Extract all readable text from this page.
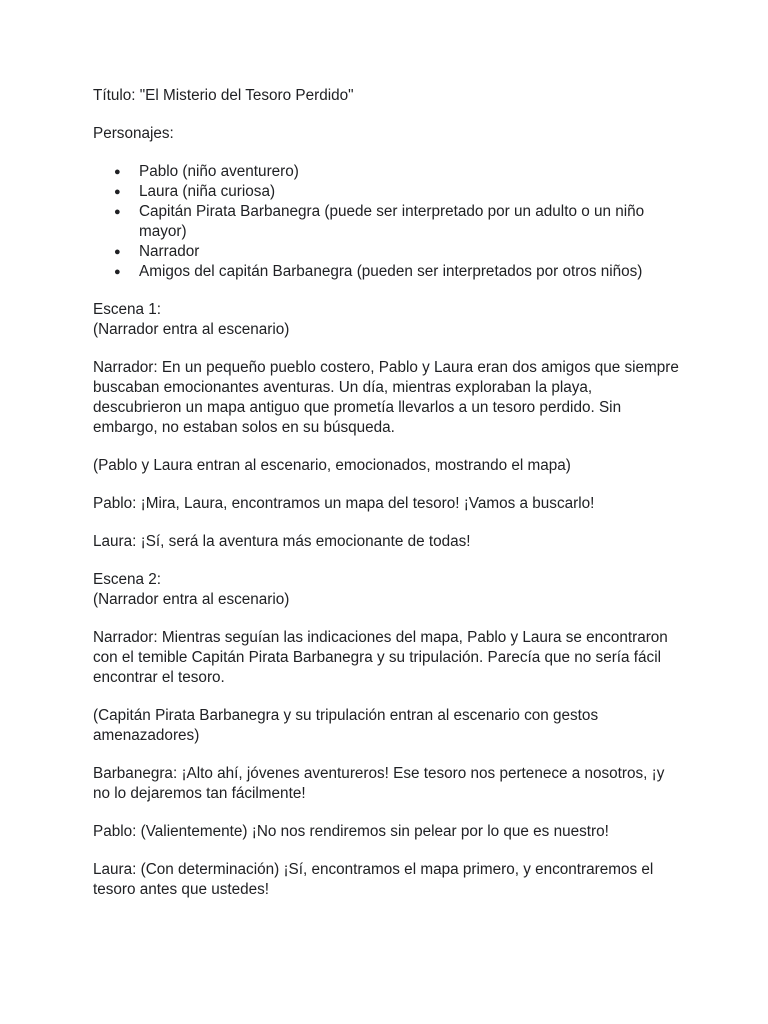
Título: "El Misterio del Tesoro Perdido"

Personajes:

● Pablo (niño aventurero)
● Laura (niña curiosa)
● Capitán Pirata Barbanegra (puede ser interpretado por un adulto o un niño mayor)
● Narrador
● Amigos del capitán Barbanegra (pueden ser interpretados por otros niños)

Escena 1:
(Narrador entra al escenario)

Narrador: En un pequeño pueblo costero, Pablo y Laura eran dos amigos que siempre buscaban emocionantes aventuras. Un día, mientras exploraban la playa, descubrieron un mapa antiguo que prometía llevarlos a un tesoro perdido. Sin embargo, no estaban solos en su búsqueda.

(Pablo y Laura entran al escenario, emocionados, mostrando el mapa)

Pablo: ¡Mira, Laura, encontramos un mapa del tesoro! ¡Vamos a buscarlo!

Laura: ¡Sí, será la aventura más emocionante de todas!

Escena 2:
(Narrador entra al escenario)

Narrador: Mientras seguían las indicaciones del mapa, Pablo y Laura se encontraron con el temible Capitán Pirata Barbanegra y su tripulación. Parecía que no sería fácil encontrar el tesoro.

(Capitán Pirata Barbanegra y su tripulación entran al escenario con gestos amenazadores)

Barbanegra: ¡Alto ahí, jóvenes aventureros! Ese tesoro nos pertenece a nosotros, ¡y no lo dejaremos tan fácilmente!

Pablo: (Valientemente) ¡No nos rendiremos sin pelear por lo que es nuestro!

Laura: (Con determinación) ¡Sí, encontramos el mapa primero, y encontraremos el tesoro antes que ustedes!
